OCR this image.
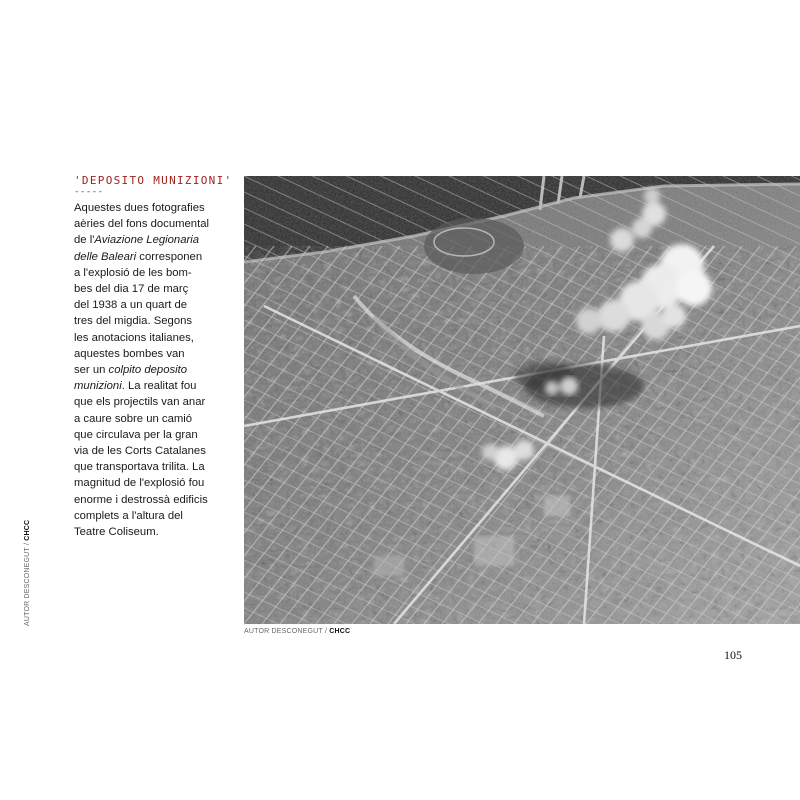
AUTOR DESCONEGUT / CHCC
'DEPOSITO MUNIZIONI'
-----
Aquestes dues fotografies
aèries del fons documental
de l'Aviazione Legionaria
delle Baleari corresponen
a l'explosió de les bom-
bes del dia 17 de març
del 1938 a un quart de
tres del migdia. Segons
les anotacions italianes,
aquestes bombes van
ser un colpito deposito
munizioni. La realitat fou
que els projectils van anar
a caure sobre un camió
que circulava per la gran
via de les Corts Catalanes
que transportava trilita. La
magnitud de l'explosió fou
enorme i destrossà edificis
complets a l'altura del
Teatre Coliseum.
AUTOR DESCONEGUT / CHCC
105
